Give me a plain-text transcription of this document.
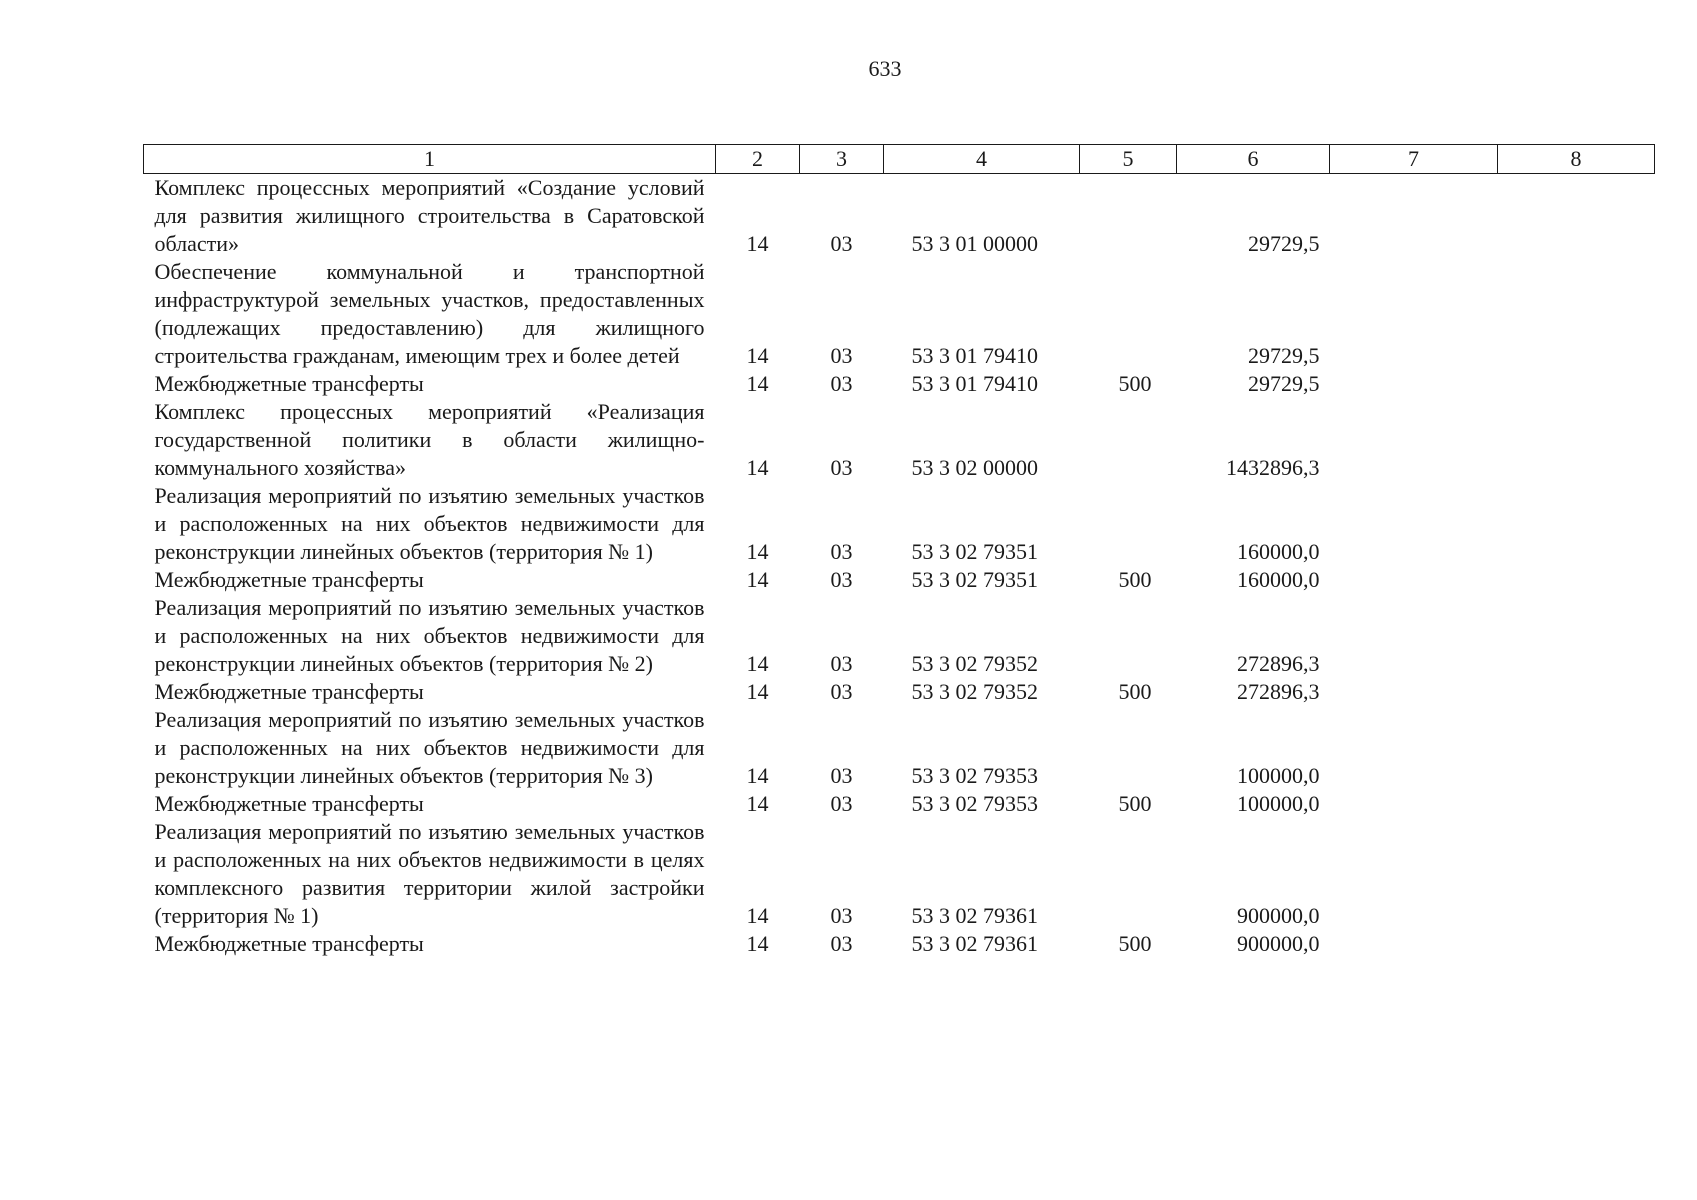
633
1	2	3	4	5	6	7	8
Комплекс процессных мероприятий «Создание условий для развития жилищного строительства в Саратовской области»	14	03	53 3 01 00000		29729,5		
Обеспечение коммунальной и транспортной инфраструктурой земельных участков, предоставленных (подлежащих предоставлению) для жилищного строительства гражданам, имеющим трех и более детей	14	03	53 3 01 79410		29729,5		
Межбюджетные трансферты	14	03	53 3 01 79410	500	29729,5		
Комплекс процессных мероприятий «Реализация государственной политики в области жилищно-коммунального хозяйства»	14	03	53 3 02 00000		1432896,3		
Реализация мероприятий по изъятию земельных участков и расположенных на них объектов недвижимости для реконструкции линейных объектов (территория № 1)	14	03	53 3 02 79351		160000,0		
Межбюджетные трансферты	14	03	53 3 02 79351	500	160000,0		
Реализация мероприятий по изъятию земельных участков и расположенных на них объектов недвижимости для реконструкции линейных объектов (территория № 2)	14	03	53 3 02 79352		272896,3		
Межбюджетные трансферты	14	03	53 3 02 79352	500	272896,3		
Реализация мероприятий по изъятию земельных участков и расположенных на них объектов недвижимости для реконструкции линейных объектов (территория № 3)	14	03	53 3 02 79353		100000,0		
Межбюджетные трансферты	14	03	53 3 02 79353	500	100000,0		
Реализация мероприятий по изъятию земельных участков и расположенных на них объектов недвижимости в целях комплексного развития территории жилой застройки (территория № 1)	14	03	53 3 02 79361		900000,0		
Межбюджетные трансферты	14	03	53 3 02 79361	500	900000,0		
